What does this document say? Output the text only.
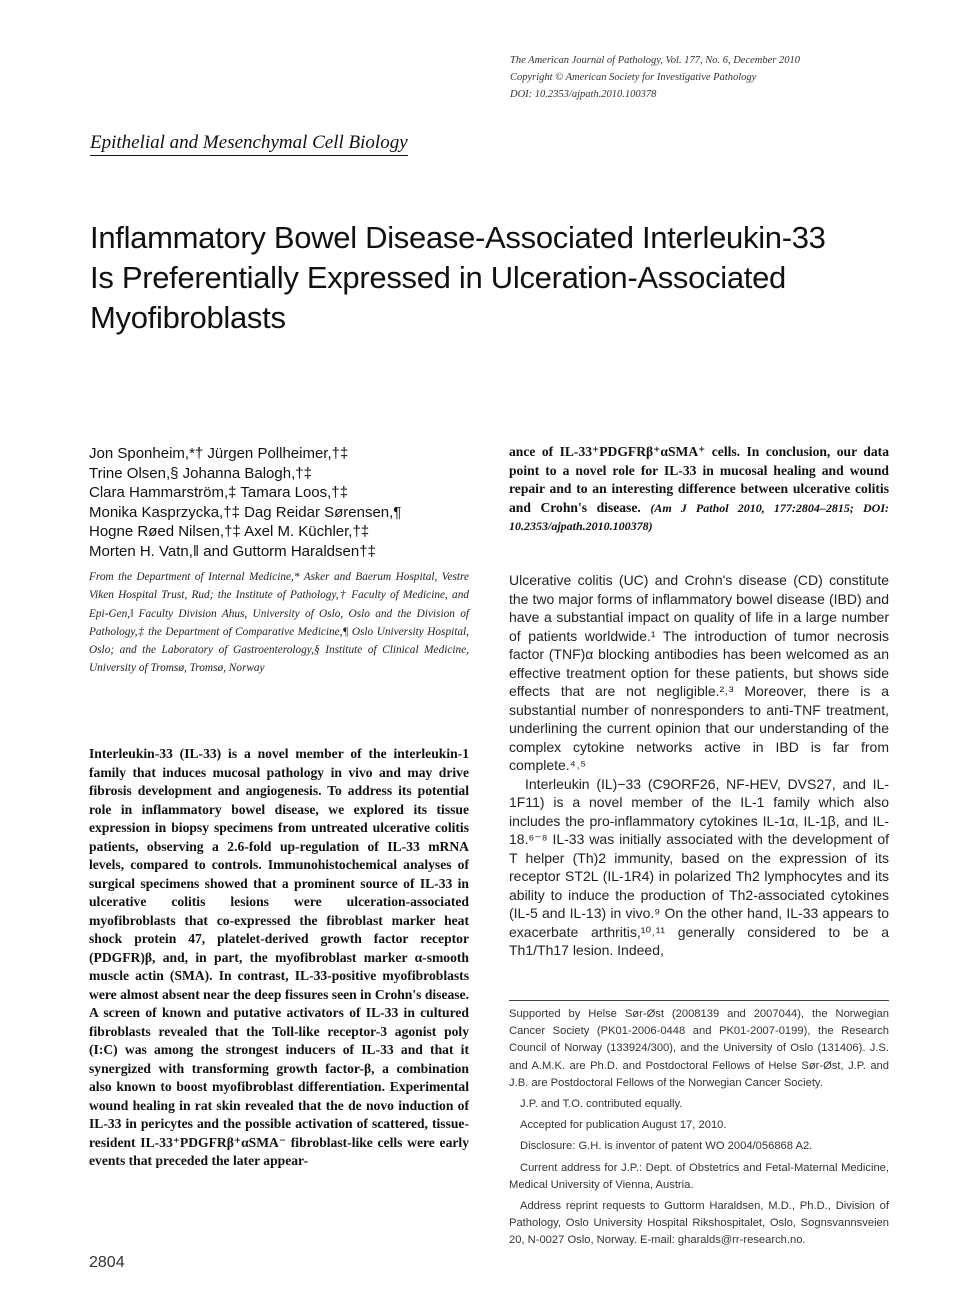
The American Journal of Pathology, Vol. 177, No. 6, December 2010
Copyright © American Society for Investigative Pathology
DOI: 10.2353/ajpath.2010.100378
Epithelial and Mesenchymal Cell Biology
Inflammatory Bowel Disease-Associated Interleukin-33
Is Preferentially Expressed in Ulceration-Associated
Myofibroblasts
Jon Sponheim,*† Jürgen Pollheimer,†‡
Trine Olsen,§ Johanna Balogh,†‡
Clara Hammarström,‡ Tamara Loos,†‡
Monika Kasprzycka,†‡ Dag Reidar Sørensen,¶
Hogne Røed Nilsen,†‡ Axel M. Küchler,†‡
Morten H. Vatn,‖ and Guttorm Haraldsen†‡
From the Department of Internal Medicine,* Asker and Baerum Hospital, Vestre Viken Hospital Trust, Rud; the Institute of Pathology,† Faculty of Medicine, and Epi-Gen,‖ Faculty Division Ahus, University of Oslo, Oslo and the Division of Pathology,‡ the Department of Comparative Medicine,¶ Oslo University Hospital, Oslo; and the Laboratory of Gastroenterology,§ Institute of Clinical Medicine, University of Tromsø, Tromsø, Norway
Interleukin-33 (IL-33) is a novel member of the interleukin-1 family that induces mucosal pathology in vivo and may drive fibrosis development and angiogenesis. To address its potential role in inflammatory bowel disease, we explored its tissue expression in biopsy specimens from untreated ulcerative colitis patients, observing a 2.6-fold up-regulation of IL-33 mRNA levels, compared to controls. Immunohistochemical analyses of surgical specimens showed that a prominent source of IL-33 in ulcerative colitis lesions were ulceration-associated myofibroblasts that co-expressed the fibroblast marker heat shock protein 47, platelet-derived growth factor receptor (PDGFR)β, and, in part, the myofibroblast marker α-smooth muscle actin (SMA). In contrast, IL-33-positive myofibroblasts were almost absent near the deep fissures seen in Crohn's disease. A screen of known and putative activators of IL-33 in cultured fibroblasts revealed that the Toll-like receptor-3 agonist poly (I:C) was among the strongest inducers of IL-33 and that it synergized with transforming growth factor-β, a combination also known to boost myofibroblast differentiation. Experimental wound healing in rat skin revealed that the de novo induction of IL-33 in pericytes and the possible activation of scattered, tissue-resident IL-33⁺PDGFRβ⁺αSMA⁻ fibroblast-like cells were early events that preceded the later appear-
ance of IL-33⁺PDGFRβ⁺αSMA⁺ cells. In conclusion, our data point to a novel role for IL-33 in mucosal healing and wound repair and to an interesting difference between ulcerative colitis and Crohn's disease. (Am J Pathol 2010, 177:2804–2815; DOI: 10.2353/ajpath.2010.100378)

Ulcerative colitis (UC) and Crohn's disease (CD) constitute the two major forms of inflammatory bowel disease (IBD) and have a substantial impact on quality of life in a large number of patients worldwide.¹ The introduction of tumor necrosis factor (TNF)α blocking antibodies has been welcomed as an effective treatment option for these patients, but shows side effects that are not negligible.²˒³ Moreover, there is a substantial number of nonresponders to anti-TNF treatment, underlining the current opinion that our understanding of the complex cytokine networks active in IBD is far from complete.⁴˒⁵

Interleukin (IL)−33 (C9ORF26, NF-HEV, DVS27, and IL-1F11) is a novel member of the IL-1 family which also includes the pro-inflammatory cytokines IL-1α, IL-1β, and IL-18.⁶⁻⁸ IL-33 was initially associated with the development of T helper (Th)2 immunity, based on the expression of its receptor ST2L (IL-1R4) in polarized Th2 lymphocytes and its ability to induce the production of Th2-associated cytokines (IL-5 and IL-13) in vivo.⁹ On the other hand, IL-33 appears to exacerbate arthritis,¹⁰˒¹¹ generally considered to be a Th1/Th17 lesion. Indeed,

Supported by Helse Sør-Øst (2008139 and 2007044), the Norwegian Cancer Society (PK01-2006-0448 and PK01-2007-0199), the Research Council of Norway (133924/300), and the University of Oslo (131406). J.S. and A.M.K. are Ph.D. and Postdoctoral Fellows of Helse Sør-Øst, J.P. and J.B. are Postdoctoral Fellows of the Norwegian Cancer Society.

J.P. and T.O. contributed equally.

Accepted for publication August 17, 2010.

Disclosure: G.H. is inventor of patent WO 2004/056868 A2.

Current address for J.P.: Dept. of Obstetrics and Fetal-Maternal Medicine, Medical University of Vienna, Austria.

Address reprint requests to Guttorm Haraldsen, M.D., Ph.D., Division of Pathology, Oslo University Hospital Rikshospitalet, Oslo, Sognsvannsveien 20, N-0027 Oslo, Norway. E-mail: gharalds@rr-research.no.

2804
